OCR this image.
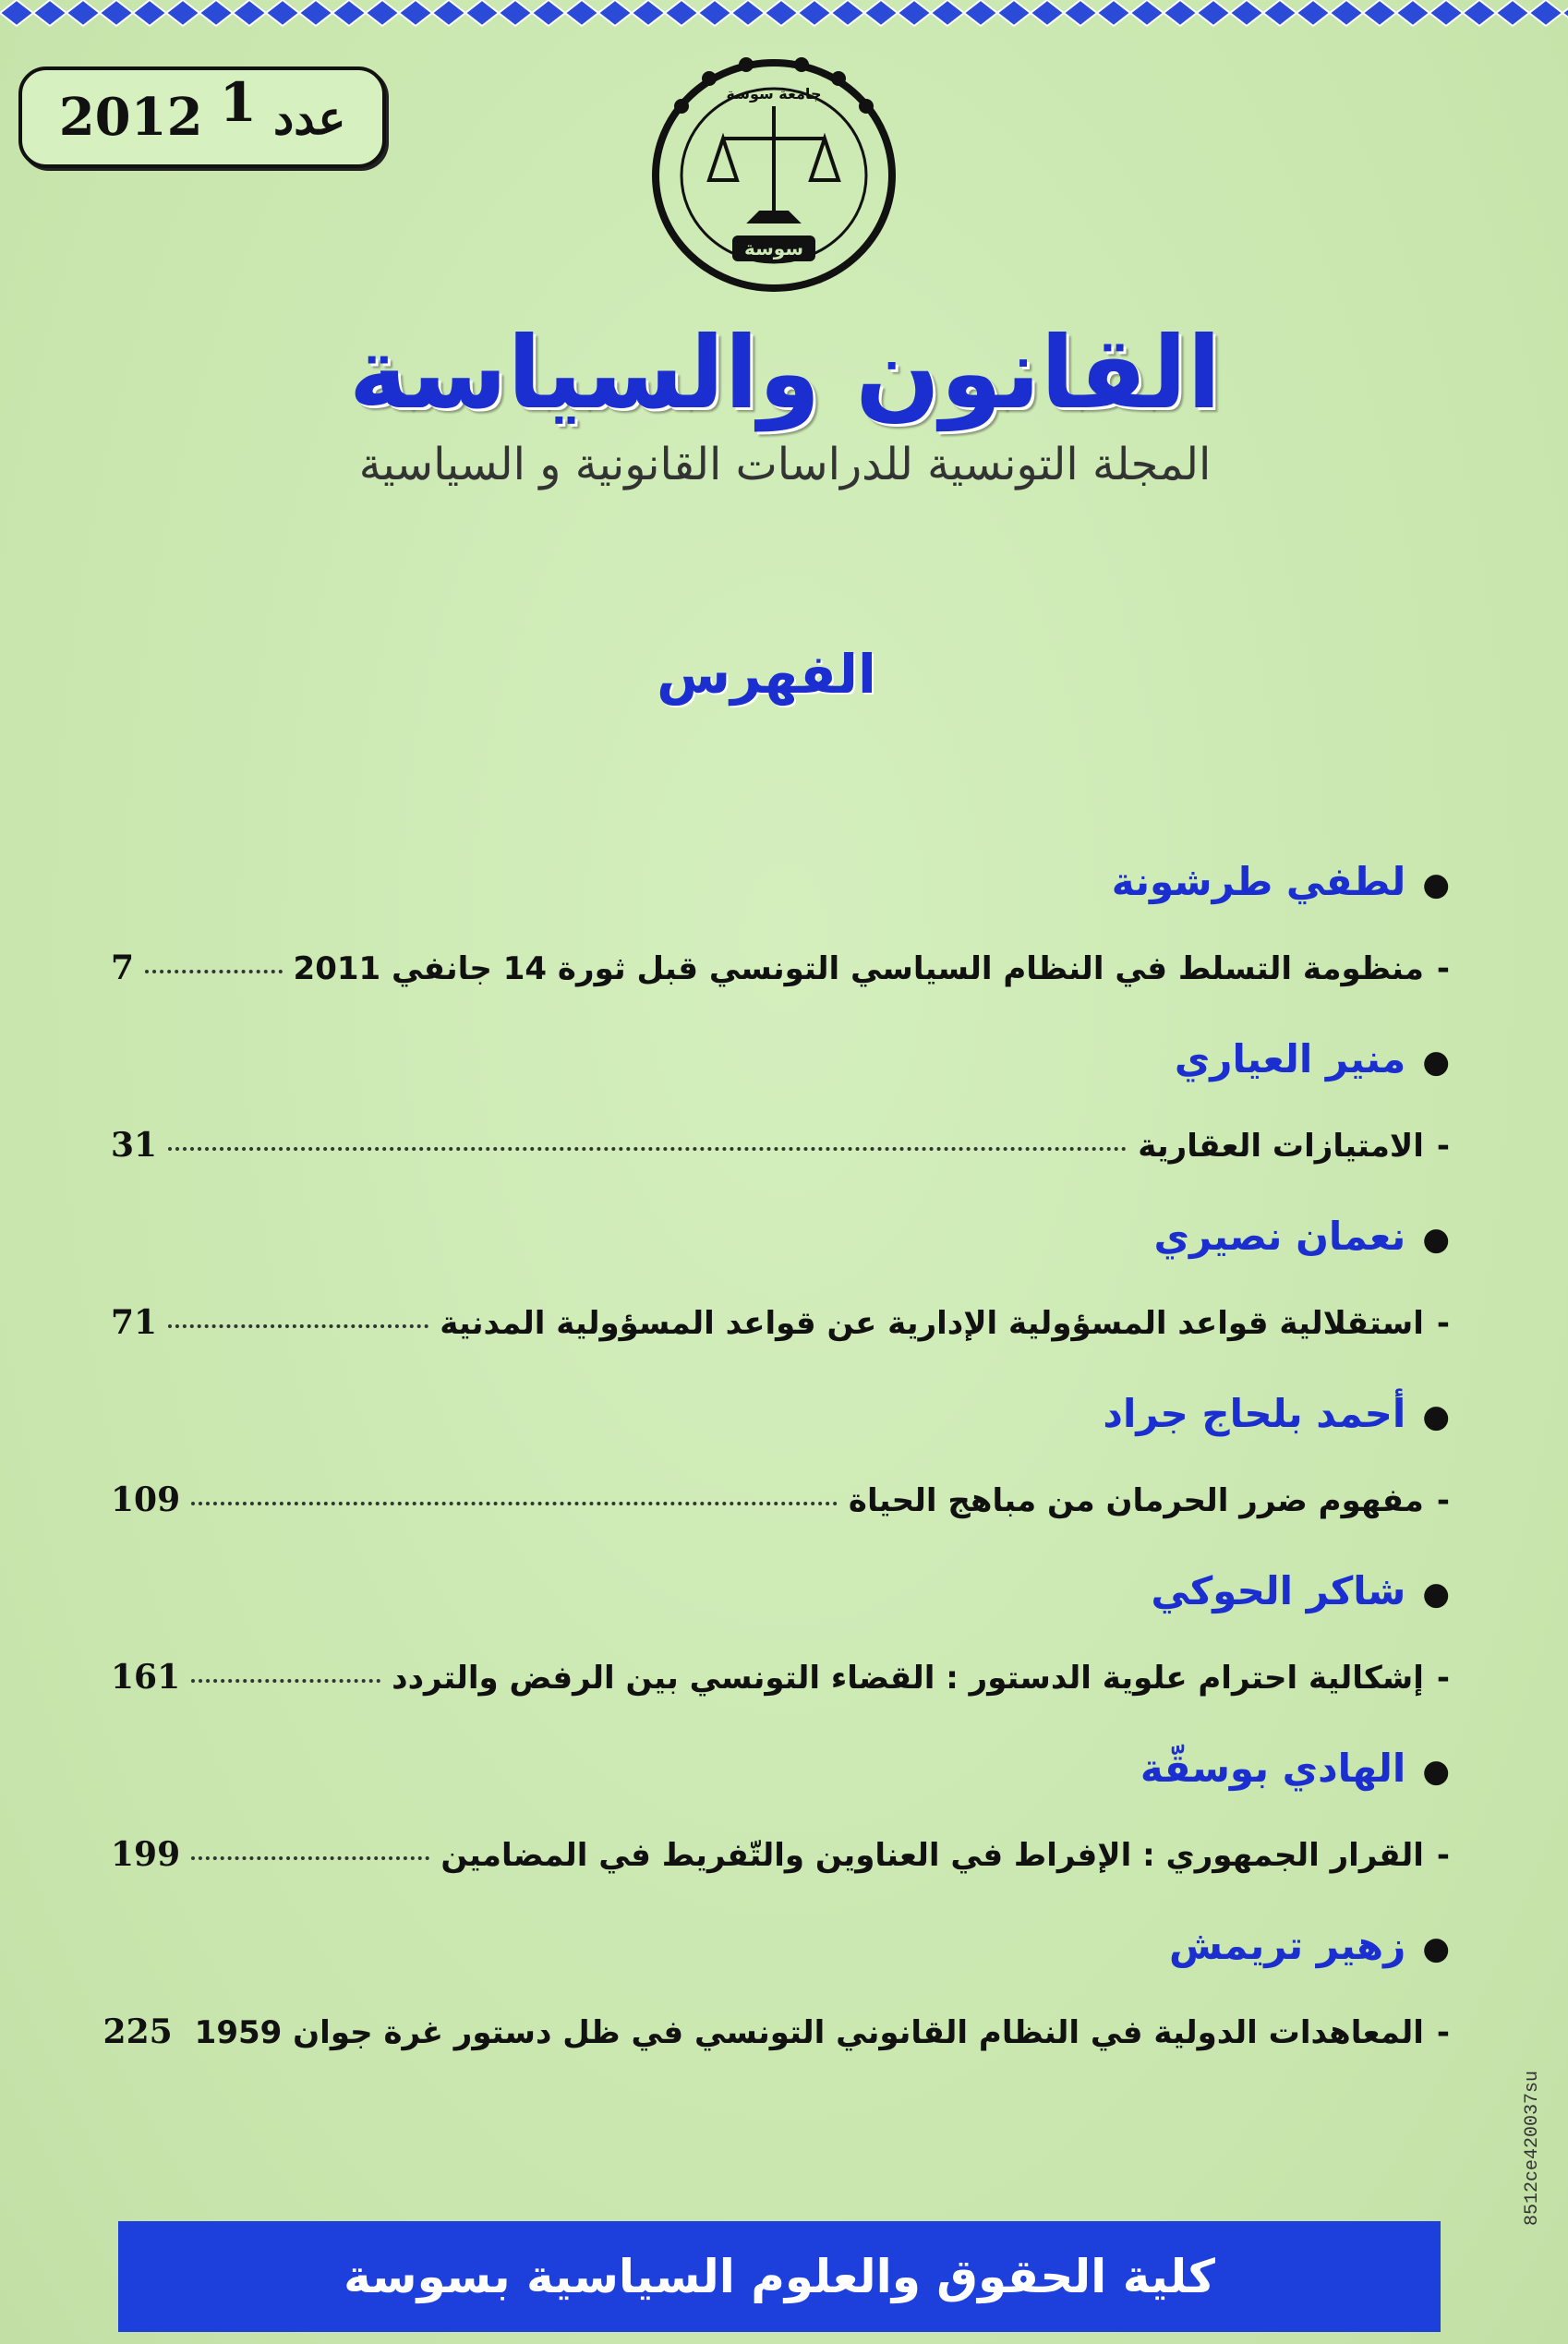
عدد
1
2012
سوسة
جامعة سوسة
القانون والسياسة
المجلة التونسية للدراسات القانونية و السياسية
الفهرس
●لطفي طرشونة
-
منظومة التسلط في النظام السياسي التونسي قبل ثورة 14 جانفي 2011
7
●منير العياري
-
الامتيازات العقارية
31
●نعمان نصيري
-
استقلالية قواعد المسؤولية الإدارية عن قواعد المسؤولية المدنية
71
●أحمد بلحاج جراد
-
مفهوم ضرر الحرمان من مباهج الحياة
109
●شاكر الحوكي
-
إشكالية احترام علوية الدستور : القضاء التونسي بين الرفض والتردد
161
●الهادي بوسقّة
-
القرار الجمهوري : الإفراط في العناوين والتّفريط في المضامين
199
●زهير تريمش
-
المعاهدات الدولية في النظام القانوني التونسي في ظل دستور غرة جوان 1959
225
8512ce420037su
كلية الحقوق والعلوم السياسية بسوسة
